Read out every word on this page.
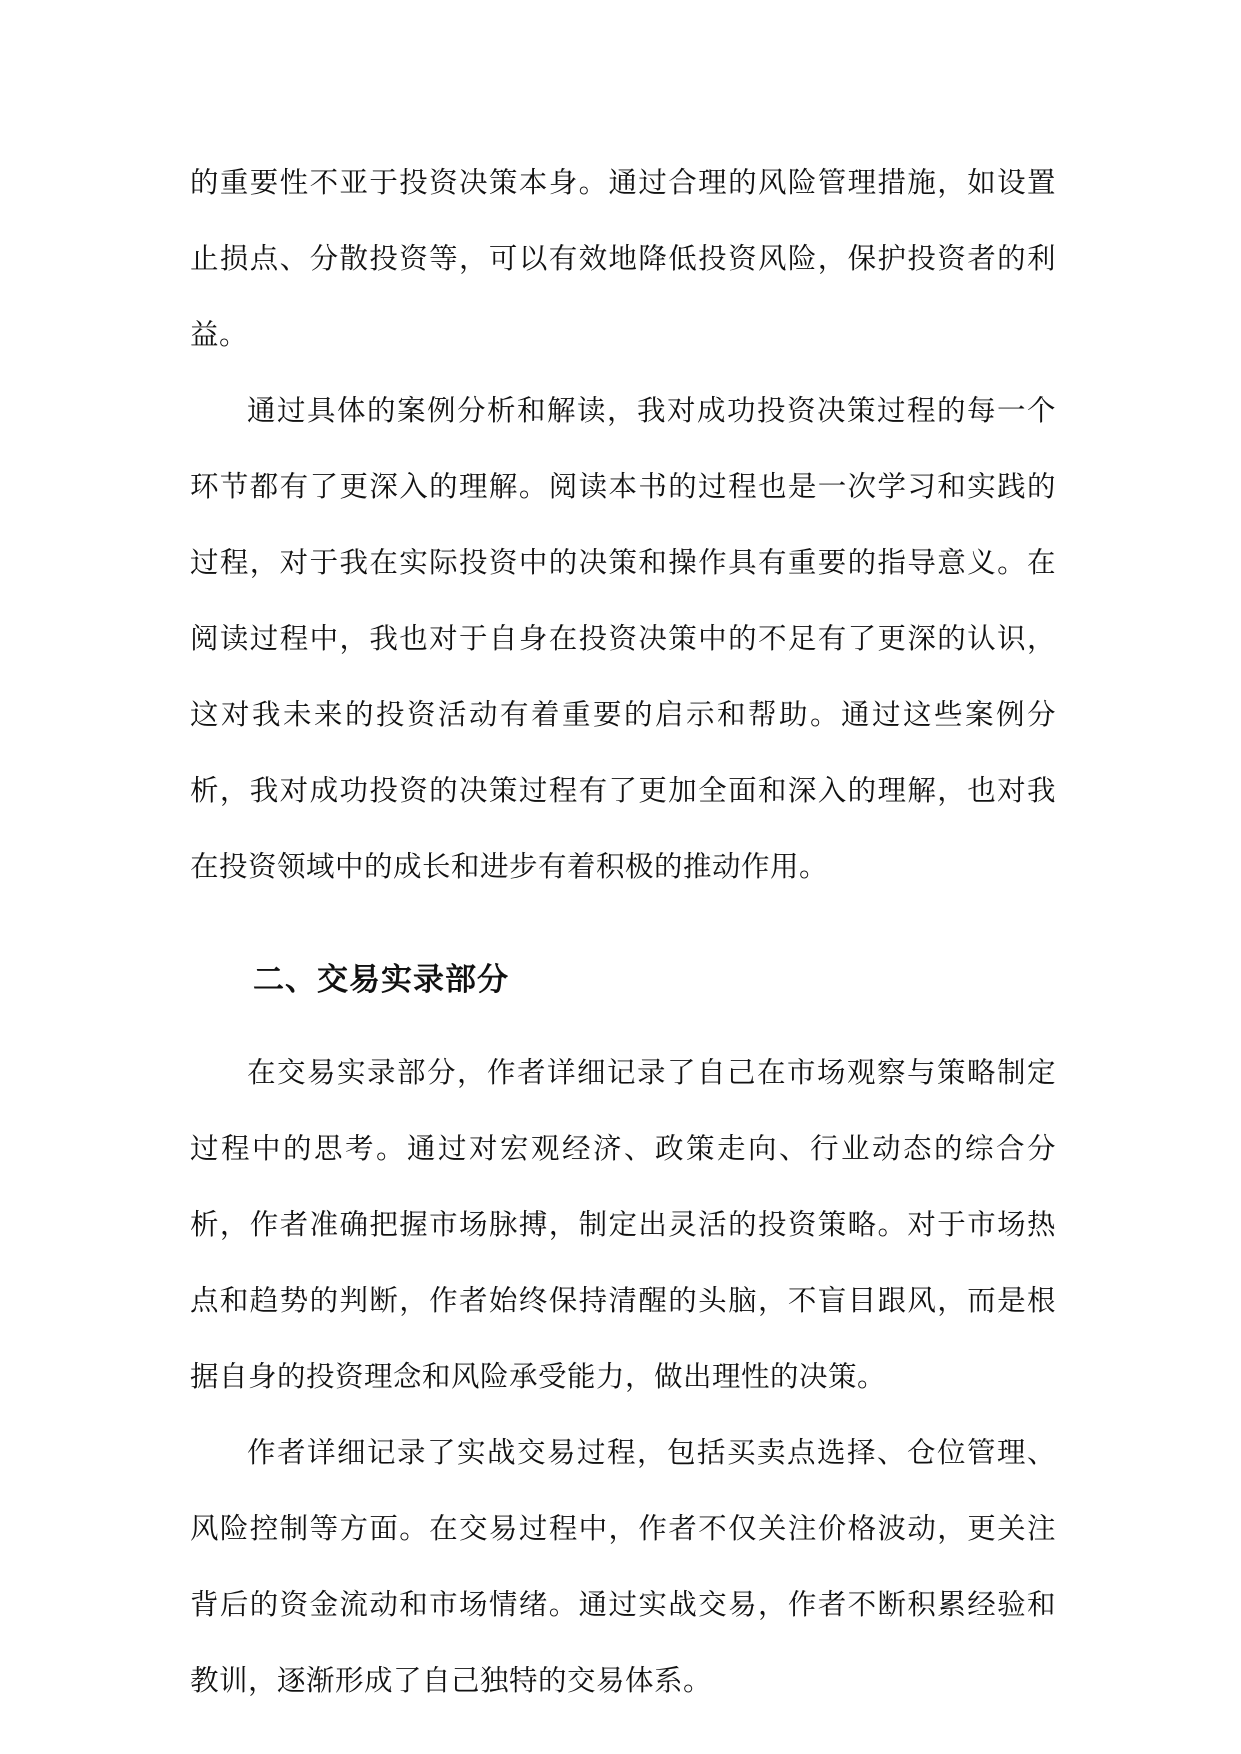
的重要性不亚于投资决策本身。通过合理的风险管理措施，如设置止损点、分散投资等，可以有效地降低投资风险，保护投资者的利益。

通过具体的案例分析和解读，我对成功投资决策过程的每一个环节都有了更深入的理解。阅读本书的过程也是一次学习和实践的过程，对于我在实际投资中的决策和操作具有重要的指导意义。在阅读过程中，我也对于自身在投资决策中的不足有了更深的认识，这对我未来的投资活动有着重要的启示和帮助。通过这些案例分析，我对成功投资的决策过程有了更加全面和深入的理解，也对我在投资领域中的成长和进步有着积极的推动作用。

二、交易实录部分

在交易实录部分，作者详细记录了自己在市场观察与策略制定过程中的思考。通过对宏观经济、政策走向、行业动态的综合分析，作者准确把握市场脉搏，制定出灵活的投资策略。对于市场热点和趋势的判断，作者始终保持清醒的头脑，不盲目跟风，而是根据自身的投资理念和风险承受能力，做出理性的决策。

作者详细记录了实战交易过程，包括买卖点选择、仓位管理、风险控制等方面。在交易过程中，作者不仅关注价格波动，更关注背后的资金流动和市场情绪。通过实战交易，作者不断积累经验和教训，逐渐形成了自己独特的交易体系。
